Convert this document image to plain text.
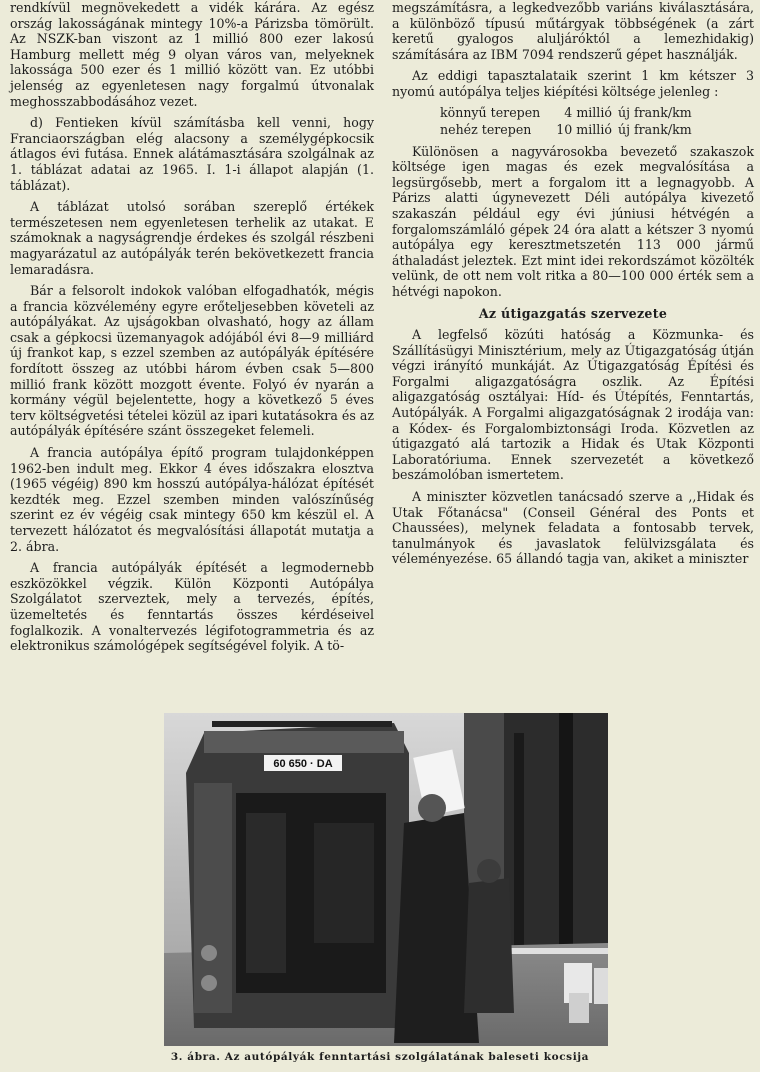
rendkívül megnövekedett a vidék kárára. Az egész ország lakosságának mintegy 10%-a Párizsba tömörült. Az NSZK-ban viszont az 1 millió 800 ezer lakosú Hamburg mellett még 9 olyan város van, melyeknek lakossága 500 ezer és 1 millió között van. Ez utóbbi jelenség az egyenletesen nagy forgalmú útvonalak meghosszabbodásához vezet.

d) Fentieken kívül számításba kell venni, hogy Franciaországban elég alacsony a személygépkocsik átlagos évi futása. Ennek alátámasztására szolgálnak az 1. táblázat adatai az 1965. I. 1-i állapot alapján (1. táblázat).

A táblázat utolsó sorában szereplő értékek természetesen nem egyenletesen terhelik az utakat. E számoknak a nagyságrendje érdekes és szolgál részbeni magyarázatul az autópályák terén bekövetkezett francia lemaradásra.

Bár a felsorolt indokok valóban elfogadhatók, mégis a francia közvélemény egyre erőteljesebben követeli az autópályákat. Az ujságokban olvasható, hogy az állam csak a gépkocsi üzemanyagok adójából évi 8—9 milliárd új frankot kap, s ezzel szemben az autópályák építésére fordított összeg az utóbbi három évben csak 5—800 millió frank között mozgott évente. Folyó év nyarán a kormány végül bejelentette, hogy a következő 5 éves terv költségvetési tételei közül az ipari kutatásokra és az autópályák építésére szánt összegeket felemeli.

A francia autópálya építő program tulajdonképpen 1962-ben indult meg. Ekkor 4 éves időszakra elosztva (1965 végéig) 890 km hosszú autópálya-hálózat építését kezdték meg. Ezzel szemben minden valószínűség szerint ez év végéig csak mintegy 650 km készül el. A tervezett hálózatot és megvalósítási állapotát mutatja a 2. ábra.

A francia autópályák építését a legmodernebb eszközökkel végzik. Külön Központi Autópálya Szolgálatot szerveztek, mely a tervezés, építés, üzemeltetés és fenntartás összes kérdéseivel foglalkozik. A vonaltervezés légifotogrammetria és az elektronikus számológépek segítségével folyik. A tö-

megszámításra, a legkedvezőbb variáns kiválasztására, a különböző típusú műtárgyak többségének (a zárt keretű gyalogos aluljáróktól a lemezhidakig) számítására az IBM 7094 rendszerű gépet használják.

Az eddigi tapasztalataik szerint 1 km kétszer 3 nyomú autópálya teljes kiépítési költsége jelenleg :

könnyű terepen	4 millió	új frank/km
nehéz terepen	10 millió	új frank/km

Különösen a nagyvárosokba bevezető szakaszok költsége igen magas és ezek megvalósítása a legsürgősebb, mert a forgalom itt a legnagyobb. A Párizs alatti úgynevezett Déli autópálya kivezető szakaszán például egy évi júniusi hétvégén a forgalomszámláló gépek 24 óra alatt a kétszer 3 nyomú autópálya egy keresztmetszetén 113 000 jármű áthaladást jeleztek. Ezt mint idei rekordszámot közölték velünk, de ott nem volt ritka a 80—100 000 érték sem a hétvégi napokon.

Az útigazgatás szervezete

A legfelső közúti hatóság a Közmunka- és Szállításügyi Minisztérium, mely az Útigazgatóság útján végzi irányító munkáját. Az Útigazgatóság Építési és Forgalmi aligazgatóságra oszlik. Az Építési aligazgatóság osztályai: Híd- és Útépítés, Fenntartás, Autópályák. A Forgalmi aligazgatóságnak 2 irodája van: a Kódex- és Forgalombiztonsági Iroda. Közvetlen az útigazgató alá tartozik a Hidak és Utak Központi Laboratóriuma. Ennek szervezetét a következő beszámolóban ismertetem.

A miniszter közvetlen tanácsadó szerve a ,,Hidak és Utak Főtanácsa" (Conseil Général des Ponts et Chaussées), melynek feladata a fontosabb tervek, tanulmányok és javaslatok felülvizsgálata és véleményezése. 65 állandó tagja van, akiket a miniszter

60 650 · DA
3. ábra. Az autópályák fenntartási szolgálatának baleseti kocsija
